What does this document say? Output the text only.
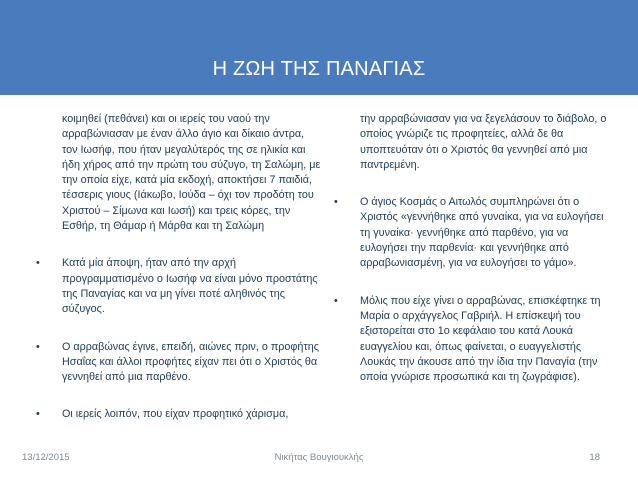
Η ΖΩΗ ΤΗΣ ΠΑΝΑΓΙΑΣ

κοιμηθεί (πεθάνει) και οι ιερείς του ναού την αρραβώνιασαν με έναν άλλο άγιο και δίκαιο άντρα, τον Ιωσήφ, που ήταν μεγαλύτερός της σε ηλικία και ήδη χήρος από την πρώτη του σύζυγο, τη Σαλώμη, με την οποία είχε, κατά μία εκδοχή, αποκτήσει 7 παιδιά, τέσσερις γιους (Ιάκωβο, Ιούδα – όχι τον προδότη του Χριστού – Σίμωνα και Ιωσή) και τρεις κόρες, την Εσθήρ, τη Θάμαρ ή Μάρθα και τη Σαλώμη

• Κατά μία άποψη, ήταν από την αρχή προγραμματισμένο ο Ιωσήφ να είναι μόνο προστάτης της Παναγίας και να μη γίνει ποτέ αληθινός της σύζυγος.

• Ο αρραβώνας έγινε, επειδή, αιώνες πριν, ο προφήτης Ησαΐας και άλλοι προφήτες είχαν πει ότι ο Χριστός θα γεννηθεί από μια παρθένο.

• Οι ιερείς λοιπόν, που είχαν προφητικό χάρισμα,

την αρραβώνιασαν για να ξεγελάσουν το διάβολο, ο οποίος γνώριζε τις προφητείες, αλλά δε θα υποπτευόταν ότι ο Χριστός θα γεννηθεί από μια παντρεμένη.

• Ο άγιος Κοσμάς ο Αιτωλός συμπληρώνει ότι ο Χριστός «γεννήθηκε από γυναίκα, για να ευλογήσει τη γυναίκα· γεννήθηκε από παρθένο, για να ευλογήσει την παρθενία· και γεννήθηκε από αρραβωνιασμένη, για να ευλογήσει το γάμο».

• Μόλις που είχε γίνει ο αρραβώνας, επισκέφτηκε τη Μαρία ο αρχάγγελος Γαβριήλ. Η επίσκεψή του εξιστορείται στο 1ο κεφάλαιο του κατά Λουκά ευαγγελίου και, όπως φαίνεται, ο ευαγγελιστής Λουκάς την άκουσε από την ίδια την Παναγία (την οποία γνώρισε προσωπικά και τη ζωγράφισε).

13/12/2015	Νικήτας Βουγιουκλής	18
